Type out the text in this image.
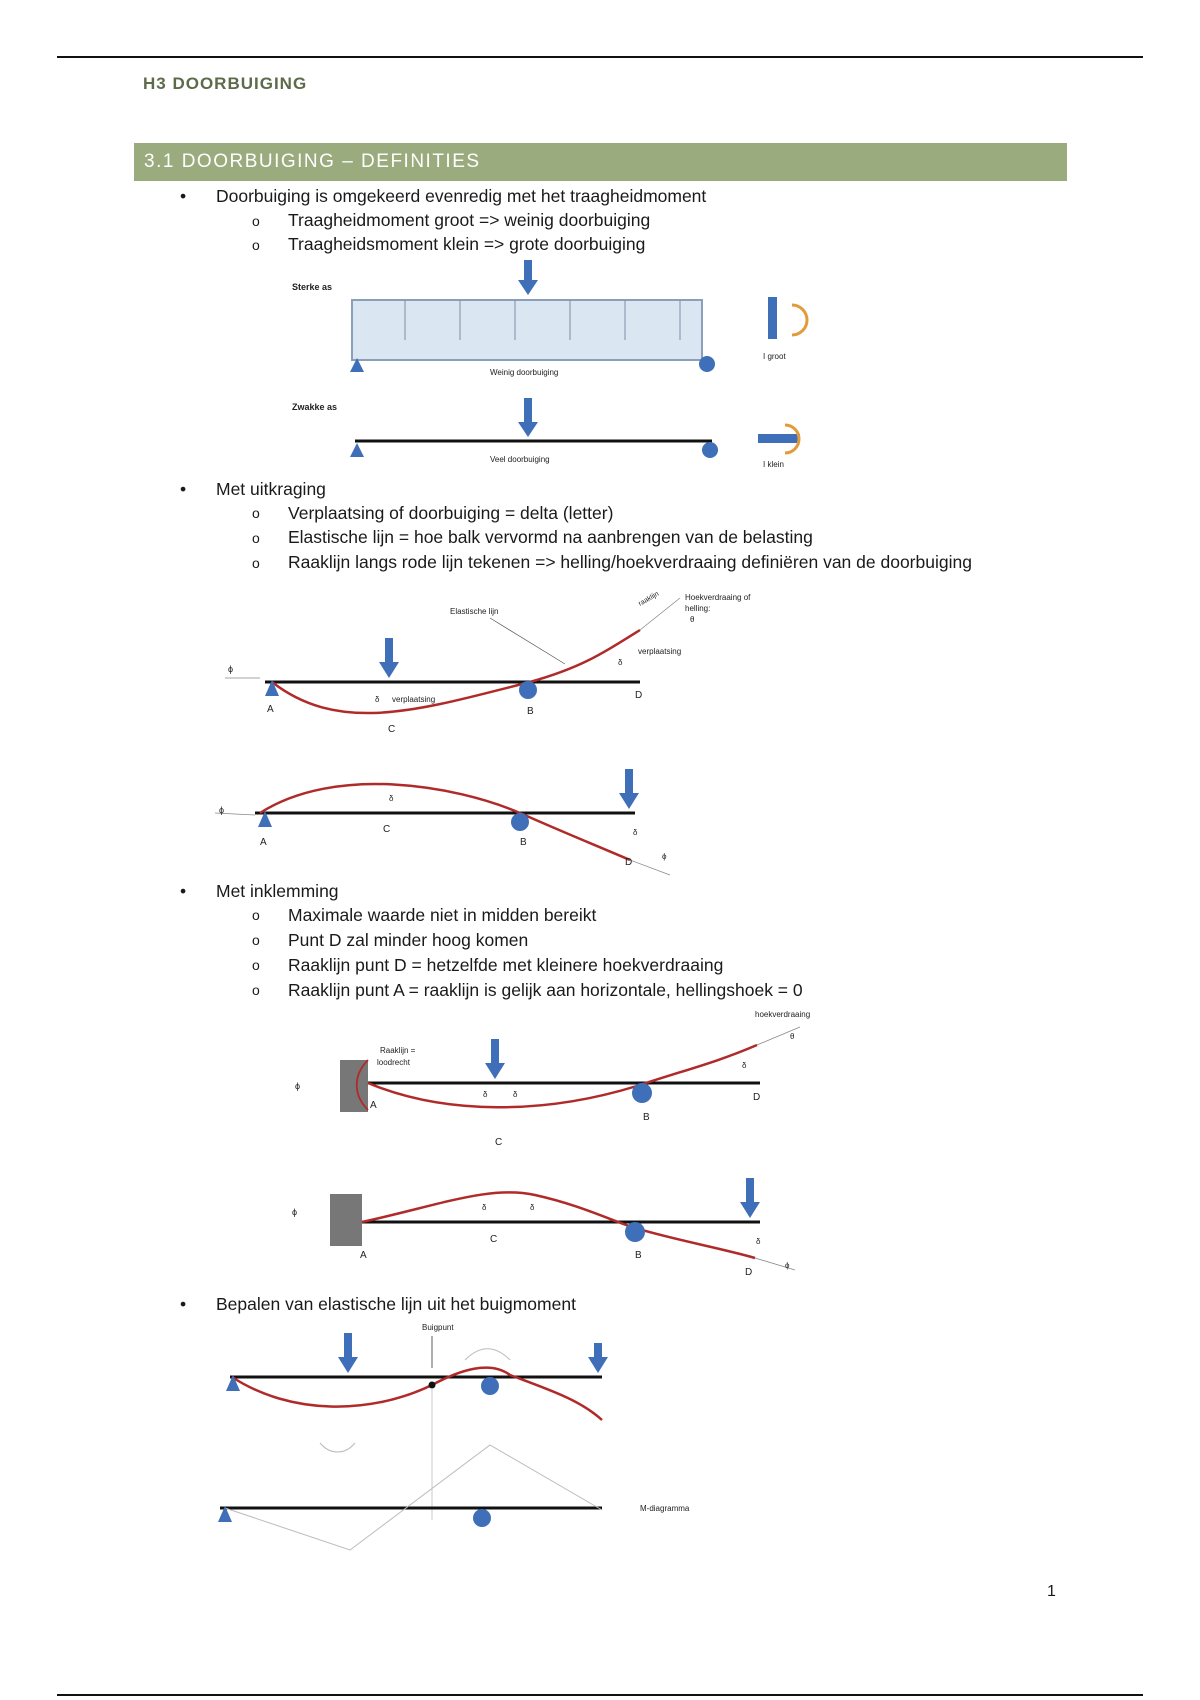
H3 DOORBUIGING
3.1 DOORBUIGING – DEFINITIES
• Doorbuiging is omgekeerd evenredig met het traagheidmoment
o Traagheidmoment groot => weinig doorbuiging
o Traagheidsmoment klein => grote doorbuiging
Sterke as
Weinig doorbuiging
I groot
Zwakke as
Veel doorbuiging
I klein
• Met uitkraging
o Verplaatsing of doorbuiging = delta (letter)
o Elastische lijn = hoe balk vervormd na aanbrengen van de belasting
o Raaklijn langs rode lijn tekenen => helling/hoekverdraaing definiëren van de doorbuiging
ϕ
A
C
B
D
δ verplaatsing
δ
verplaatsing
Elastische lijn
raaklijn	Hoekverdraaing of
helling:
θ
ϕ
A
C
B
D
δ
δ
ϕ
• Met inklemming
o Maximale waarde niet in midden bereikt
o Punt D zal minder hoog komen
o Raaklijn punt D = hetzelfde met kleinere hoekverdraaing
o Raaklijn punt A = raaklijn is gelijk aan horizontale, hellingshoek = 0
hoekverdraaing
θ
Raaklijn =
loodrecht
ϕ
A
C
B
D
δ	δ
δ
ϕ
A
C
B
D
δ	δ
δ
ϕ
• Bepalen van elastische lijn uit het buigmoment
Buigpunt
M-diagramma
1
